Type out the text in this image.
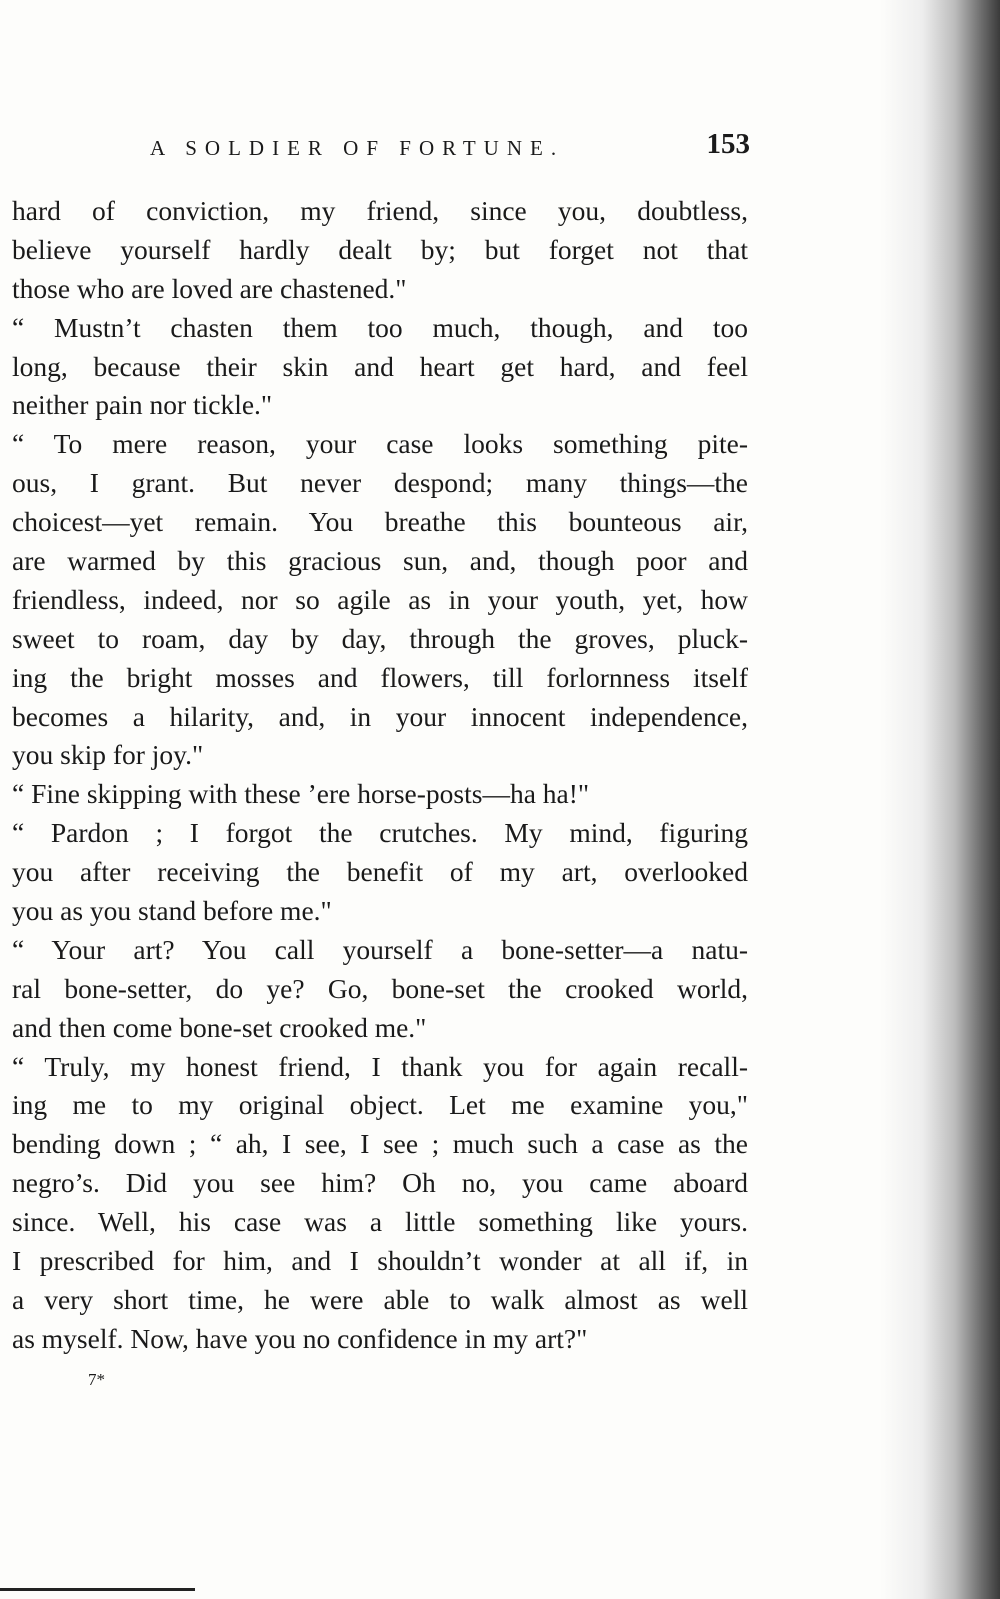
A SOLDIER OF FORTUNE.	153
hard of conviction, my friend, since you, doubtless,
believe yourself hardly dealt by; but forget not that
those who are loved are chastened."
“ Mustn’t chasten them too much, though, and too
long, because their skin and heart get hard, and feel
neither pain nor tickle."
“ To mere reason, your case looks something pite-
ous, I grant. But never despond; many things—the
choicest—yet remain. You breathe this bounteous air,
are warmed by this gracious sun, and, though poor and
friendless, indeed, nor so agile as in your youth, yet, how
sweet to roam, day by day, through the groves, pluck-
ing the bright mosses and flowers, till forlornness itself
becomes a hilarity, and, in your innocent independence,
you skip for joy."
“ Fine skipping with these ’ere horse-posts—ha ha!"
“ Pardon ; I forgot the crutches. My mind, figuring
you after receiving the benefit of my art, overlooked
you as you stand before me."
“ Your art? You call yourself a bone-setter—a natu-
ral bone-setter, do ye? Go, bone-set the crooked world,
and then come bone-set crooked me."
“ Truly, my honest friend, I thank you for again recall-
ing me to my original object. Let me examine you,"
bending down ; “ ah, I see, I see ; much such a case as the
negro’s. Did you see him? Oh no, you came aboard
since. Well, his case was a little something like yours.
I prescribed for him, and I shouldn’t wonder at all if, in
a very short time, he were able to walk almost as well
as myself. Now, have you no confidence in my art?"
7*
